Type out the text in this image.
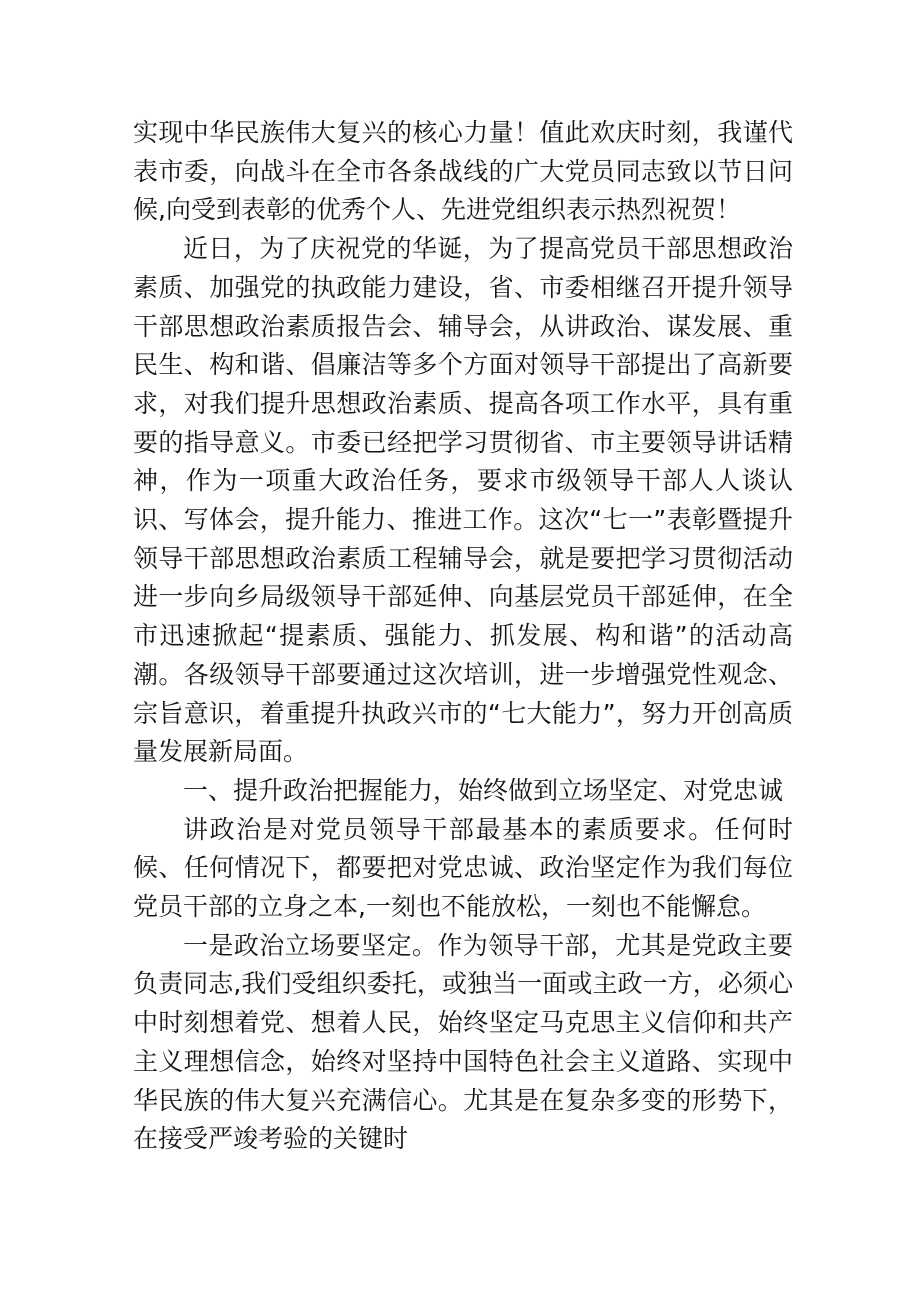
实现中华民族伟大复兴的核心力量！值此欢庆时刻，我谨代表市委，向战斗在全市各条战线的广大党员同志致以节日问候,向受到表彰的优秀个人、先进党组织表示热烈祝贺！

近日，为了庆祝党的华诞，为了提高党员干部思想政治素质、加强党的执政能力建设，省、市委相继召开提升领导干部思想政治素质报告会、辅导会，从讲政治、谋发展、重民生、构和谐、倡廉洁等多个方面对领导干部提出了高新要求，对我们提升思想政治素质、提高各项工作水平，具有重要的指导意义。市委已经把学习贯彻省、市主要领导讲话精神，作为一项重大政治任务，要求市级领导干部人人谈认识、写体会，提升能力、推进工作。这次“七一”表彰暨提升领导干部思想政治素质工程辅导会，就是要把学习贯彻活动进一步向乡局级领导干部延伸、向基层党员干部延伸，在全市迅速掀起“提素质、强能力、抓发展、构和谐”的活动高潮。各级领导干部要通过这次培训，进一步增强党性观念、宗旨意识，着重提升执政兴市的“七大能力”，努力开创高质量发展新局面。

一、提升政治把握能力，始终做到立场坚定、对党忠诚

讲政治是对党员领导干部最基本的素质要求。任何时候、任何情况下，都要把对党忠诚、政治坚定作为我们每位党员干部的立身之本,一刻也不能放松，一刻也不能懈怠。

一是政治立场要坚定。作为领导干部，尤其是党政主要负责同志,我们受组织委托，或独当一面或主政一方，必须心中时刻想着党、想着人民，始终坚定马克思主义信仰和共产主义理想信念，始终对坚持中国特色社会主义道路、实现中华民族的伟大复兴充满信心。尤其是在复杂多变的形势下，在接受严竣考验的关键时
